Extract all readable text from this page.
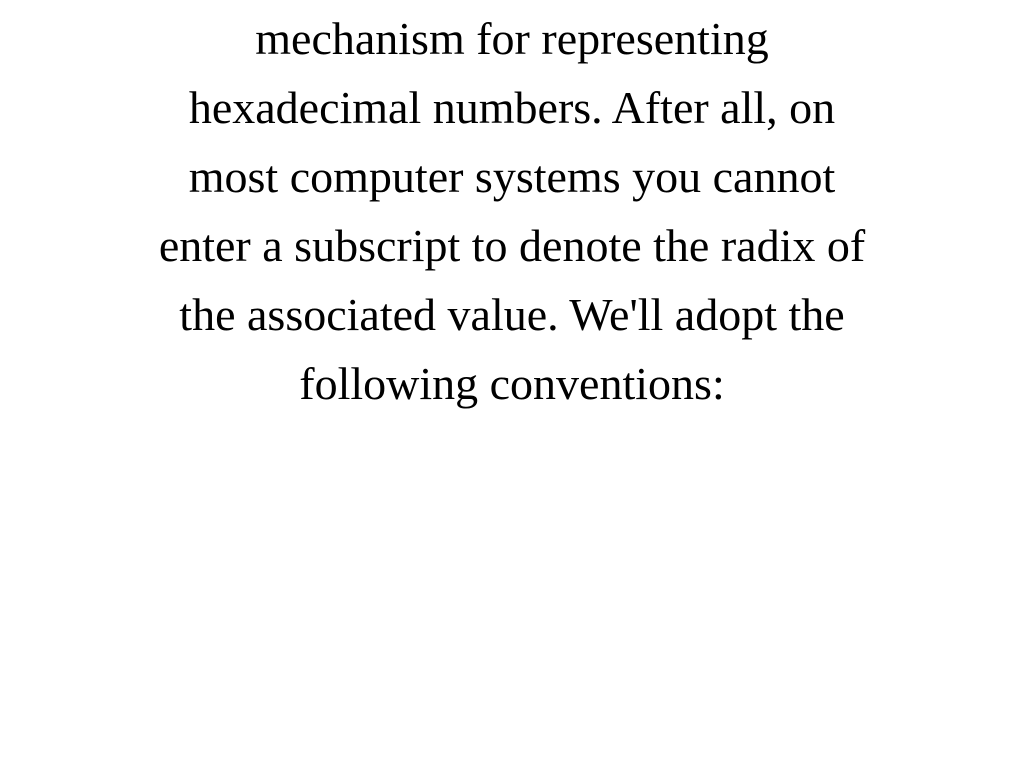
mechanism for representing
hexadecimal numbers. After all, on
most computer systems you cannot
enter a subscript to denote the radix of
the associated value. We'll adopt the
following conventions:
